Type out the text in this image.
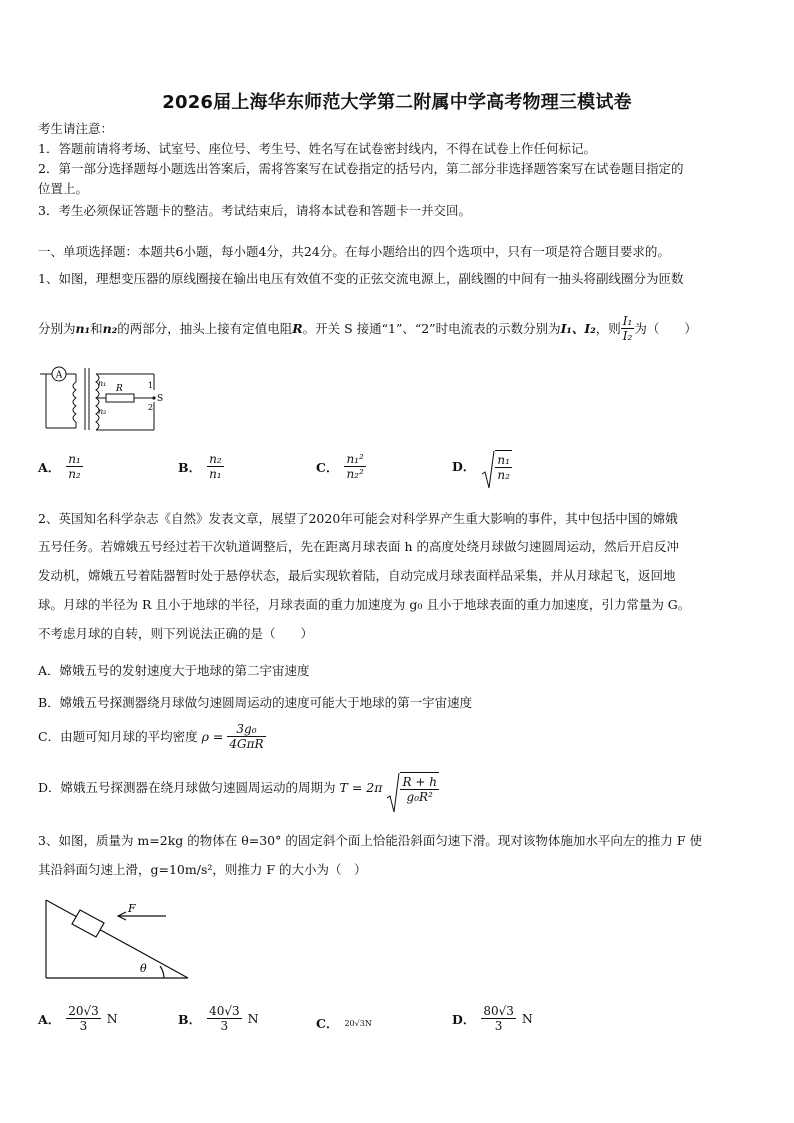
2026届上海华东师范大学第二附属中学高考物理三模试卷
考生请注意：
1．答题前请将考场、试室号、座位号、考生号、姓名写在试卷密封线内，不得在试卷上作任何标记。
2．第一部分选择题每小题选出答案后，需将答案写在试卷指定的括号内，第二部分非选择题答案写在试卷题目指定的
位置上。
3．考生必须保证答题卡的整洁。考试结束后，请将本试卷和答题卡一并交回。
一、单项选择题：本题共6小题，每小题4分，共24分。在每小题给出的四个选项中，只有一项是符合题目要求的。
1、如图，理想变压器的原线圈接在输出电压有效值不变的正弦交流电源上，副线圈的中间有一抽头将副线圈分为匝数
分别为 n₁ 和 n₂ 的两部分，抽头上接有定值电阻 R 。开关 S 接通“1”、“2”时电流表的示数分别为 I₁、I₂ ，则 $\frac{\text{I₁}}{\text{I₂}}$ 为（　　）
A
n₁
n₂
R	1
2
S
A． $\frac{\text{n₁}}{\text{n₂}}$	B． $\frac{\text{n₂}}{\text{n₁}}$	C． $\frac{\text{n₁²}}{\text{n₂²}}$	D． $\frac{\text{n₁}}{\text{n₂}}$
2、英国知名科学杂志《自然》发表文章，展望了2020年可能会对科学界产生重大影响的事件，其中包括中国的嫦娥
五号任务。若嫦娥五号经过若干次轨道调整后，先在距离月球表面 h 的高度处绕月球做匀速圆周运动，然后开启反冲
发动机，嫦娥五号着陆器暂时处于悬停状态，最后实现软着陆，自动完成月球表面样品采集，并从月球起飞，返回地
球。月球的半径为 R 且小于地球的半径，月球表面的重力加速度为 g₀ 且小于地球表面的重力加速度，引力常量为 G。
不考虑月球的自转，则下列说法正确的是（　　）
A．嫦娥五号的发射速度大于地球的第二宇宙速度
B．嫦娥五号探测器绕月球做匀速圆周运动的速度可能大于地球的第一宇宙速度
C．由题可知月球的平均密度 $\rho = \frac{\text{3g₀}}{\text{4GπR}}$
D．嫦娥五号探测器在绕月球做匀速圆周运动的周期为 $T = 2\pi \frac{R + h}{\text{g₀R²}}$
3、如图，质量为 m=2kg 的物体在 θ=30° 的固定斜个面上恰能沿斜面匀速下滑。现对该物体施加水平向左的推力 F 使
其沿斜面匀速上滑，g=10m/s²，则推力 F 的大小为（　）
F
θ
A． $\frac{20√3}{3}$ N	B． $\frac{40√3}{3}$ N	C． 20√3N	D． $\frac{80√3}{3}$ N
